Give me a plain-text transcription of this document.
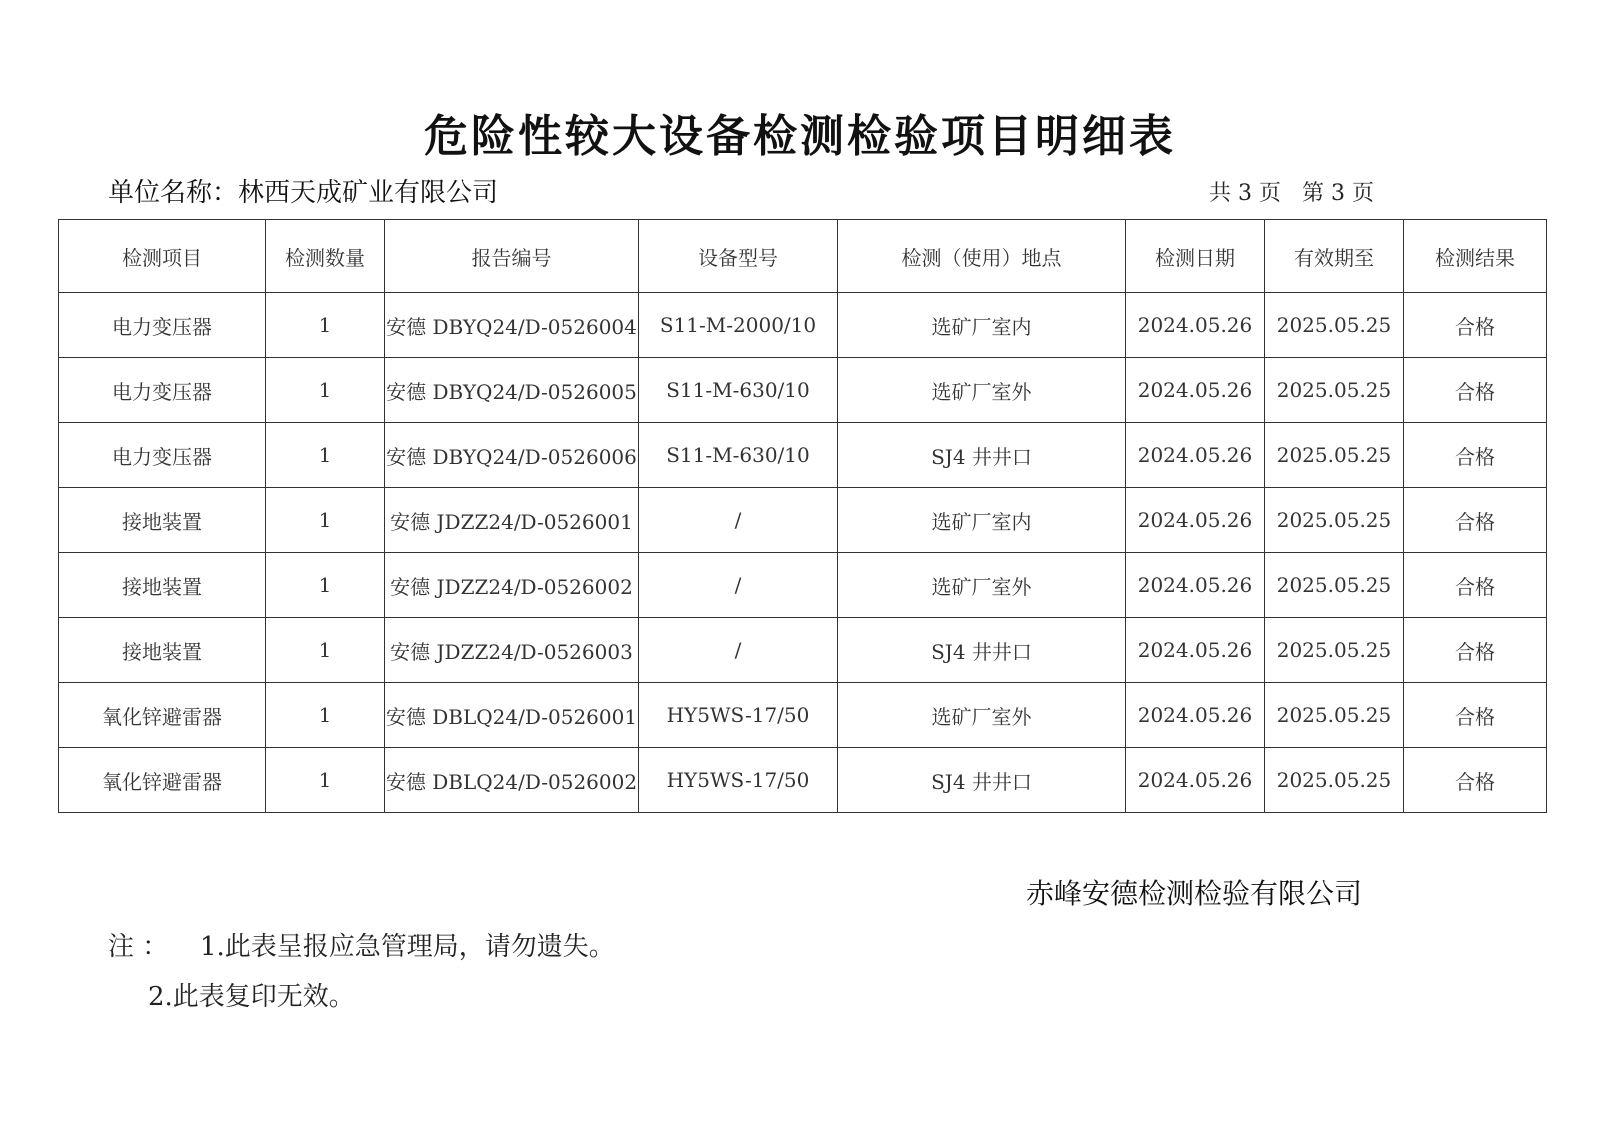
危险性较大设备检测检验项目明细表
单位名称：林西天成矿业有限公司	共 3 页   第 3 页
检测项目	检测数量	报告编号	设备型号	检测（使用）地点	检测日期	有效期至	检测结果
电力变压器	1	安德 DBYQ24/D-0526004	S11-M-2000/10	选矿厂室内	2024.05.26	2025.05.25	合格
电力变压器	1	安德 DBYQ24/D-0526005	S11-M-630/10	选矿厂室外	2024.05.26	2025.05.25	合格
电力变压器	1	安德 DBYQ24/D-0526006	S11-M-630/10	SJ4 井井口	2024.05.26	2025.05.25	合格
接地装置	1	安德 JDZZ24/D-0526001	/	选矿厂室内	2024.05.26	2025.05.25	合格
接地装置	1	安德 JDZZ24/D-0526002	/	选矿厂室外	2024.05.26	2025.05.25	合格
接地装置	1	安德 JDZZ24/D-0526003	/	SJ4 井井口	2024.05.26	2025.05.25	合格
氧化锌避雷器	1	安德 DBLQ24/D-0526001	HY5WS-17/50	选矿厂室外	2024.05.26	2025.05.25	合格
氧化锌避雷器	1	安德 DBLQ24/D-0526002	HY5WS-17/50	SJ4 井井口	2024.05.26	2025.05.25	合格
赤峰安德检测检验有限公司
注 ： 1.此表呈报应急管理局，请勿遗失。
2.此表复印无效。
